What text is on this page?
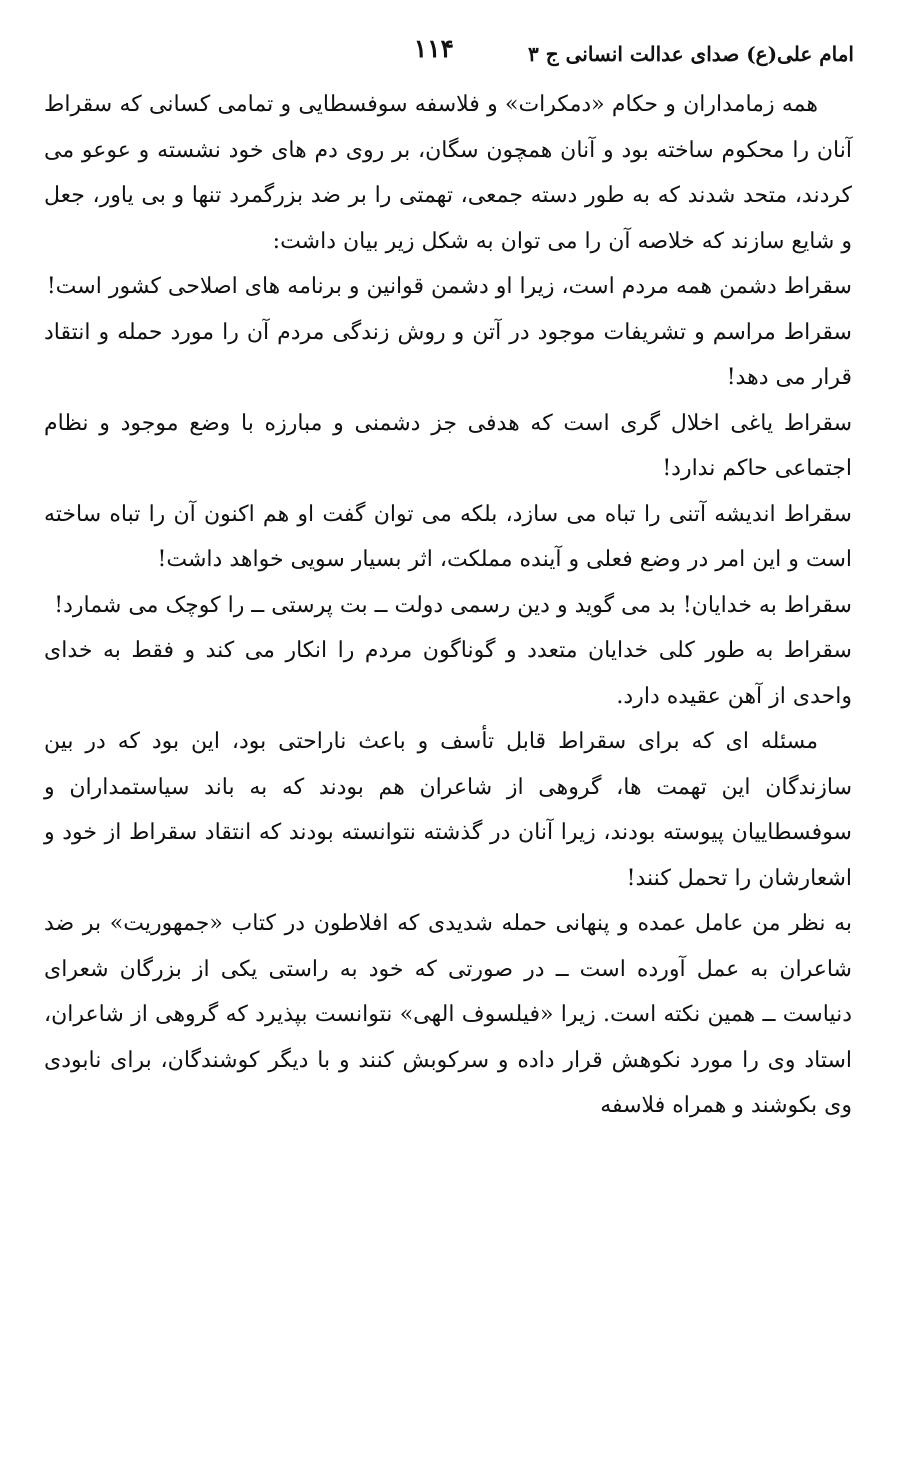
امام علی(ع) صدای عدالت انسانی ج ۳
۱۱۴

همه زمامداران و حکام «دمکرات» و فلاسفه سوفسطایی و تمامی کسانی که سقراط آنان را محکوم ساخته بود و آنان همچون سگان، بر روی دم های خود نشسته و عوعو می کردند، متحد شدند که به طور دسته جمعی، تهمتی را بر ضد بزرگمرد تنها و بی یاور، جعل و شایع سازند که خلاصه آن را می توان به شکل زیر بیان داشت:

سقراط دشمن همه مردم است، زیرا او دشمن قوانین و برنامه های اصلاحی کشور است!

سقراط مراسم و تشریفات موجود در آتن و روش زندگی مردم آن را مورد حمله و انتقاد قرار می دهد!

سقراط یاغی اخلال گری است که هدفی جز دشمنی و مبارزه با وضع موجود و نظام اجتماعی حاکم ندارد!

سقراط اندیشه آتنی را تباه می سازد، بلکه می توان گفت او هم اکنون آن را تباه ساخته است و این امر در وضع فعلی و آینده مملکت، اثر بسیار سویی خواهد داشت!

سقراط به خدایان! بد می گوید و دین رسمی دولت ــ بت پرستی ــ را کوچک می شمارد!

سقراط به طور کلی خدایان متعدد و گوناگون مردم را انکار می کند و فقط به خدای واحدی از آهن عقیده دارد.

مسئله ای که برای سقراط قابل تأسف و باعث ناراحتی بود، این بود که در بین سازندگان این تهمت ها، گروهی از شاعران هم بودند که به باند سیاستمداران و سوفسطاییان پیوسته بودند، زیرا آنان در گذشته نتوانسته بودند که انتقاد سقراط از خود و اشعارشان را تحمل کنند!

به نظر من عامل عمده و پنهانی حمله شدیدی که افلاطون در کتاب «جمهوریت» بر ضد شاعران به عمل آورده است ــ در صورتی که خود به راستی یکی از بزرگان شعرای دنیاست ــ همین نکته است. زیرا «فیلسوف الهی» نتوانست بپذیرد که گروهی از شاعران، استاد وی را مورد نکوهش قرار داده و سرکوبش کنند و با دیگر کوشندگان، برای نابودی وی بکوشند و همراه فلاسفه
